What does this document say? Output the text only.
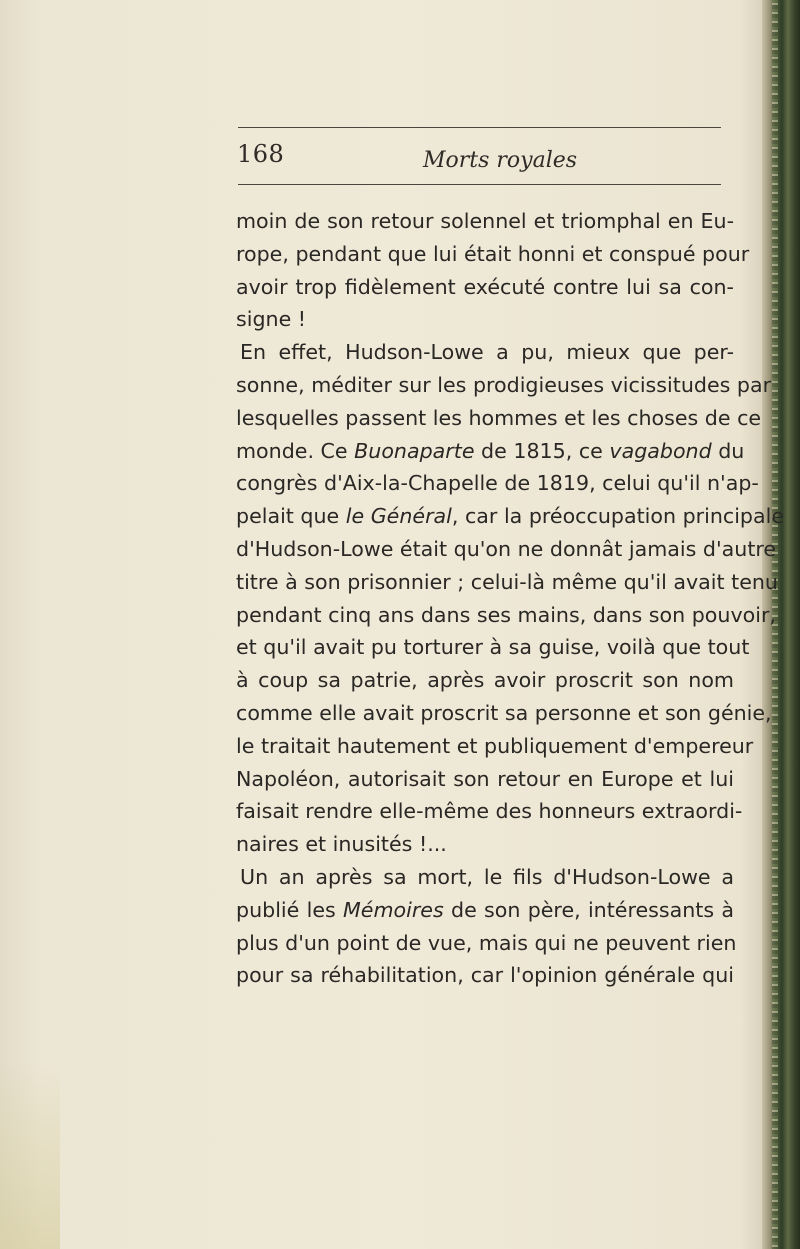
168	Morts royales
moin de son retour solennel et triomphal en Eu-
rope, pendant que lui était honni et conspué pour
avoir trop fidèlement exécuté contre lui sa con-
signe !
En effet, Hudson-Lowe a pu, mieux que per-
sonne, méditer sur les prodigieuses vicissitudes par
lesquelles passent les hommes et les choses de ce
monde. Ce Buonaparte de 1815, ce vagabond du
congrès d'Aix-la-Chapelle de 1819, celui qu'il n'ap-
pelait que le Général, car la préoccupation principale
d'Hudson-Lowe était qu'on ne donnât jamais d'autre
titre à son prisonnier ; celui-là même qu'il avait tenu
pendant cinq ans dans ses mains, dans son pouvoir,
et qu'il avait pu torturer à sa guise, voilà que tout
à coup sa patrie, après avoir proscrit son nom
comme elle avait proscrit sa personne et son génie,
le traitait hautement et publiquement d'empereur
Napoléon, autorisait son retour en Europe et lui
faisait rendre elle-même des honneurs extraordi-
naires et inusités !...
Un an après sa mort, le fils d'Hudson-Lowe a
publié les Mémoires de son père, intéressants à
plus d'un point de vue, mais qui ne peuvent rien
pour sa réhabilitation, car l'opinion générale qui
